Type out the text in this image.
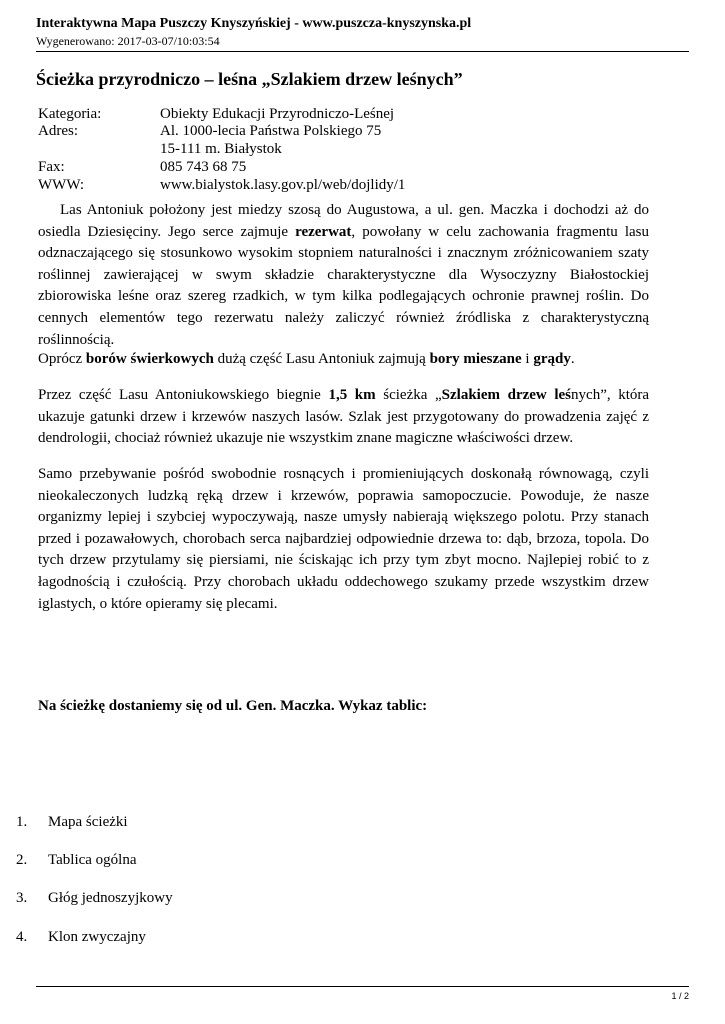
Interaktywna Mapa Puszczy Knyszyńskiej - www.puszcza-knyszynska.pl
Wygenerowano: 2017-03-07/10:03:54
Ścieżka przyrodniczo – leśna „Szlakiem drzew leśnych”
Kategoria:	Obiekty Edukacji Przyrodniczo-Leśnej
Adres:	Al. 1000-lecia Państwa Polskiego 75
15-111 m. Białystok
Fax:	085 743 68 75
WWW:	www.bialystok.lasy.gov.pl/web/dojlidy/1

Las Antoniuk położony jest miedzy szosą do Augustowa, a ul. gen. Maczka i dochodzi aż do osiedla Dziesięciny. Jego serce zajmuje rezerwat, powołany w celu zachowania fragmentu lasu odznaczającego się stosunkowo wysokim stopniem naturalności i znacznym zróżnicowaniem szaty roślinnej zawierającej w swym składzie charakterystyczne dla Wysoczyzny Białostockiej zbiorowiska leśne oraz szereg rzadkich, w tym kilka podlegających ochronie prawnej roślin. Do cennych elementów tego rezerwatu należy zaliczyć również źródliska z charakterystyczną roślinnością.

Oprócz borów świerkowych dużą część Lasu Antoniuk zajmują bory mieszane i grądy.

Przez część Lasu Antoniukowskiego biegnie 1,5 km ścieżka „Szlakiem drzew leśnych”, która ukazuje gatunki drzew i krzewów naszych lasów. Szlak jest przygotowany do prowadzenia zajęć z dendrologii, chociaż również ukazuje nie wszystkim znane magiczne właściwości drzew.

Samo przebywanie pośród swobodnie rosnących i promieniujących doskonałą równowagą, czyli nieokaleczonych ludzką ręką drzew i krzewów, poprawia samopoczucie. Powoduje, że nasze organizmy lepiej i szybciej wypoczywają, nasze umysły nabierają większego polotu. Przy stanach przed i pozawałowych, chorobach serca najbardziej odpowiednie drzewa to: dąb, brzoza, topola. Do tych drzew przytulamy się piersiami, nie ściskając ich przy tym zbyt mocno. Najlepiej robić to z łagodnością i czułością. Przy chorobach układu oddechowego szukamy przede wszystkim drzew iglastych, o które opieramy się plecami.

Na ścieżkę dostaniemy się od ul. Gen. Maczka. Wykaz tablic:
1. Mapa ścieżki
2. Tablica ogólna
3. Głóg jednoszyjkowy
4. Klon zwyczajny
1 / 2
